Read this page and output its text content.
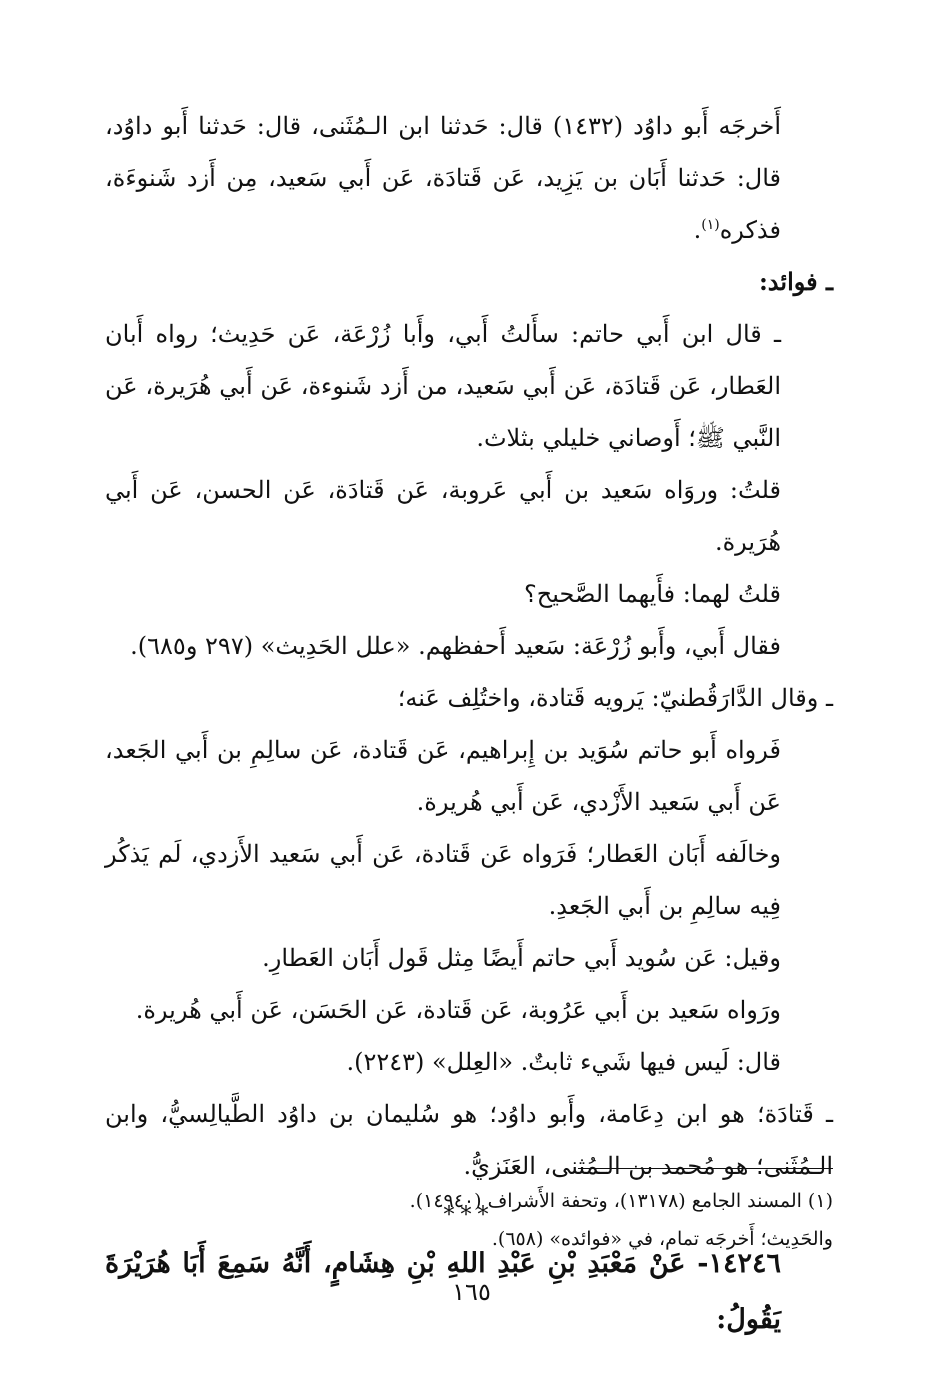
أَخرجَه أَبو داوُد (١٤٣٢) قال: حَدثنا ابن الـمُثَنى، قال: حَدثنا أَبو داوُد، قال: حَدثنا أَبَان بن يَزِيد، عَن قَتادَة، عَن أَبي سَعيد، مِن أَزد شَنوءَة، فذكره$^{(١)}$.

ـ فوائد:

ـ قال ابن أَبي حاتم: سأَلتُ أَبي، وأَبا زُرْعَة، عَن حَدِيث؛ رواه أَبان العَطار، عَن قَتادَة، عَن أَبي سَعيد، من أَزد شَنوءة، عَن أَبي هُرَيرة، عَن النَّبي ﷺ؛ أَوصاني خليلي بثلاث.

قلتُ: وروَاه سَعيد بن أَبي عَروبة، عَن قَتادَة، عَن الحسن، عَن أَبي هُرَيرة.

قلتُ لهما: فأَيهما الصَّحيح؟

فقال أَبي، وأَبو زُرْعَة: سَعيد أَحفظهم. «علل الحَدِيث» (٢٩٧ و٦٨٥).

ـ وقال الدَّارَقُطنيّ: يَرويه قَتادة، واختُلِف عَنه؛

فَرواه أَبو حاتم سُوَيد بن إِبراهيم، عَن قَتادة، عَن سالِمِ بن أَبي الجَعد، عَن أَبي سَعيد الأَزْدي، عَن أَبي هُريرة.

وخالَفه أَبَان العَطار؛ فَرَواه عَن قَتادة، عَن أَبي سَعيد الأَزدي، لَم يَذكُر فِيه سالِمِ بن أَبي الجَعدِ.

وقيل: عَن سُويد أَبي حاتم أَيضًا مِثل قَول أَبَان العَطارِ.

ورَواه سَعيد بن أَبي عَرُوبة، عَن قَتادة، عَن الحَسَن، عَن أَبي هُريرة.

قال: لَيس فيها شَيء ثابتٌ. «العِلل» (٢٢٤٣).

ـ قَتادَة؛ هو ابن دِعَامة، وأَبو داوُد؛ هو سُليمان بن داوُد الطَّيالِسيُّ، وابن الـمُثَنى؛ هو مُحمد بن الـمُثنى، العَنَزيُّ.

***

١٤٢٤٦- عَنْ مَعْبَدِ بْنِ عَبْدِ اللهِ بْنِ هِشَامٍ، أَنَّهُ سَمِعَ أَبَا هُرَيْرَةَ يَقُولُ:

(١) المسند الجامع (١٣١٧٨)، وتحفة الأَشراف (١٤٩٤٠).

والحَدِيث؛ أَخرجَه تمام، في «فوائده» (٦٥٨).

١٦٥
